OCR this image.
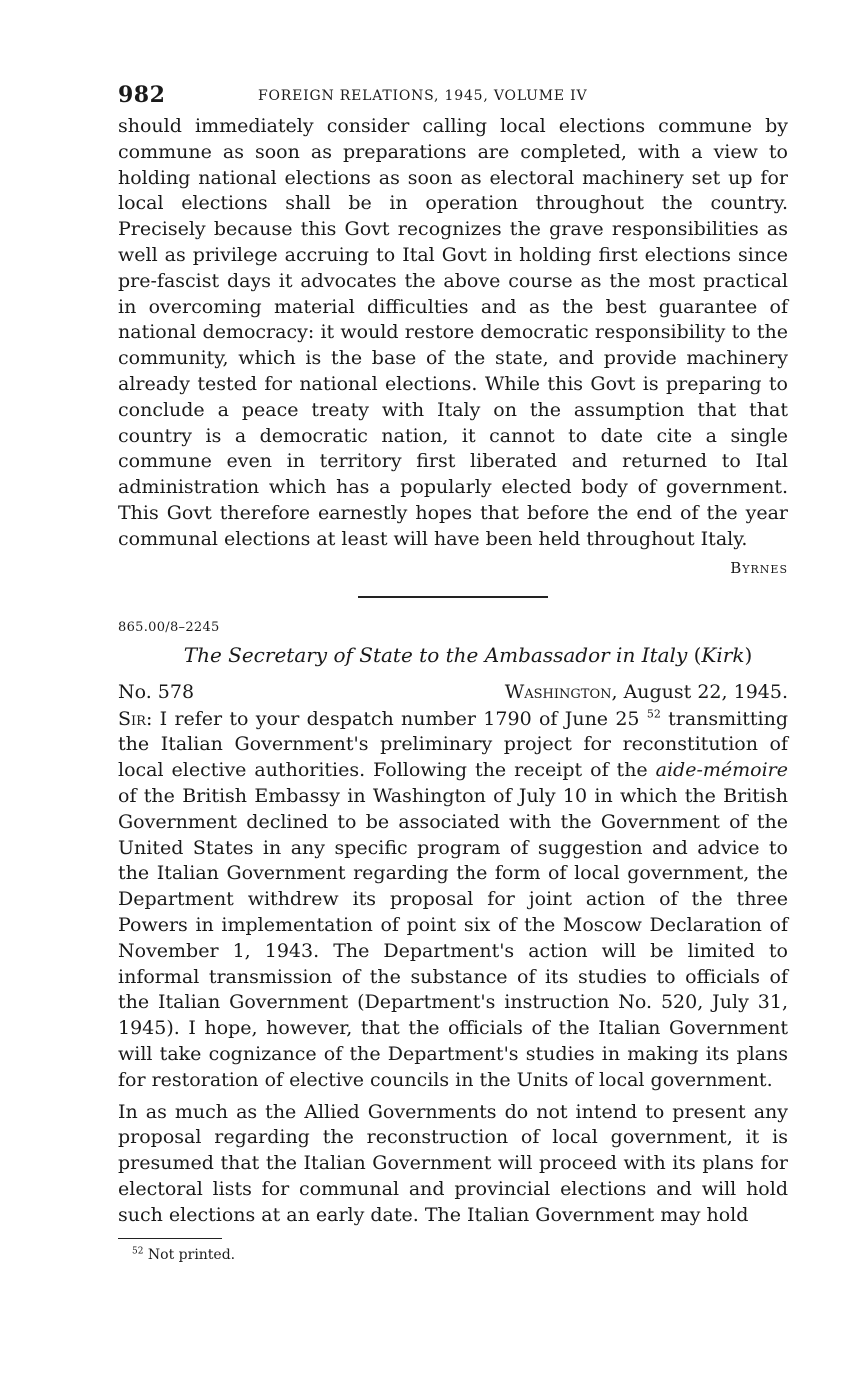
982	FOREIGN RELATIONS, 1945, VOLUME IV

should immediately consider calling local elections commune by commune as soon as preparations are completed, with a view to holding national elections as soon as electoral machinery set up for local elections shall be in operation throughout the country. Precisely because this Govt recognizes the grave responsibilities as well as privilege accruing to Ital Govt in holding first elections since pre-fascist days it advocates the above course as the most practical in overcoming material difficulties and as the best guarantee of national democracy: it would restore democratic responsibility to the community, which is the base of the state, and provide machinery already tested for national elections. While this Govt is preparing to conclude a peace treaty with Italy on the assumption that that country is a democratic nation, it cannot to date cite a single commune even in territory first liberated and returned to Ital administration which has a popularly elected body of government. This Govt therefore earnestly hopes that before the end of the year communal elections at least will have been held throughout Italy.

Byrnes
865.00/8–2245
The Secretary of State to the Ambassador in Italy (Kirk)
No. 578	Washington, August 22, 1945.

Sir: I refer to your despatch number 1790 of June 25 $^{52}$ transmitting the Italian Government's preliminary project for reconstitution of local elective authorities. Following the receipt of the aide-mémoire of the British Embassy in Washington of July 10 in which the British Government declined to be associated with the Government of the United States in any specific program of suggestion and advice to the Italian Government regarding the form of local government, the Department withdrew its proposal for joint action of the three Powers in implementation of point six of the Moscow Declaration of November 1, 1943. The Department's action will be limited to informal transmission of the substance of its studies to officials of the Italian Government (Department's instruction No. 520, July 31, 1945). I hope, however, that the officials of the Italian Government will take cognizance of the Department's studies in making its plans for restoration of elective councils in the Units of local government.

In as much as the Allied Governments do not intend to present any proposal regarding the reconstruction of local government, it is presumed that the Italian Government will proceed with its plans for electoral lists for communal and provincial elections and will hold such elections at an early date. The Italian Government may hold

$^{52}$ Not printed.
